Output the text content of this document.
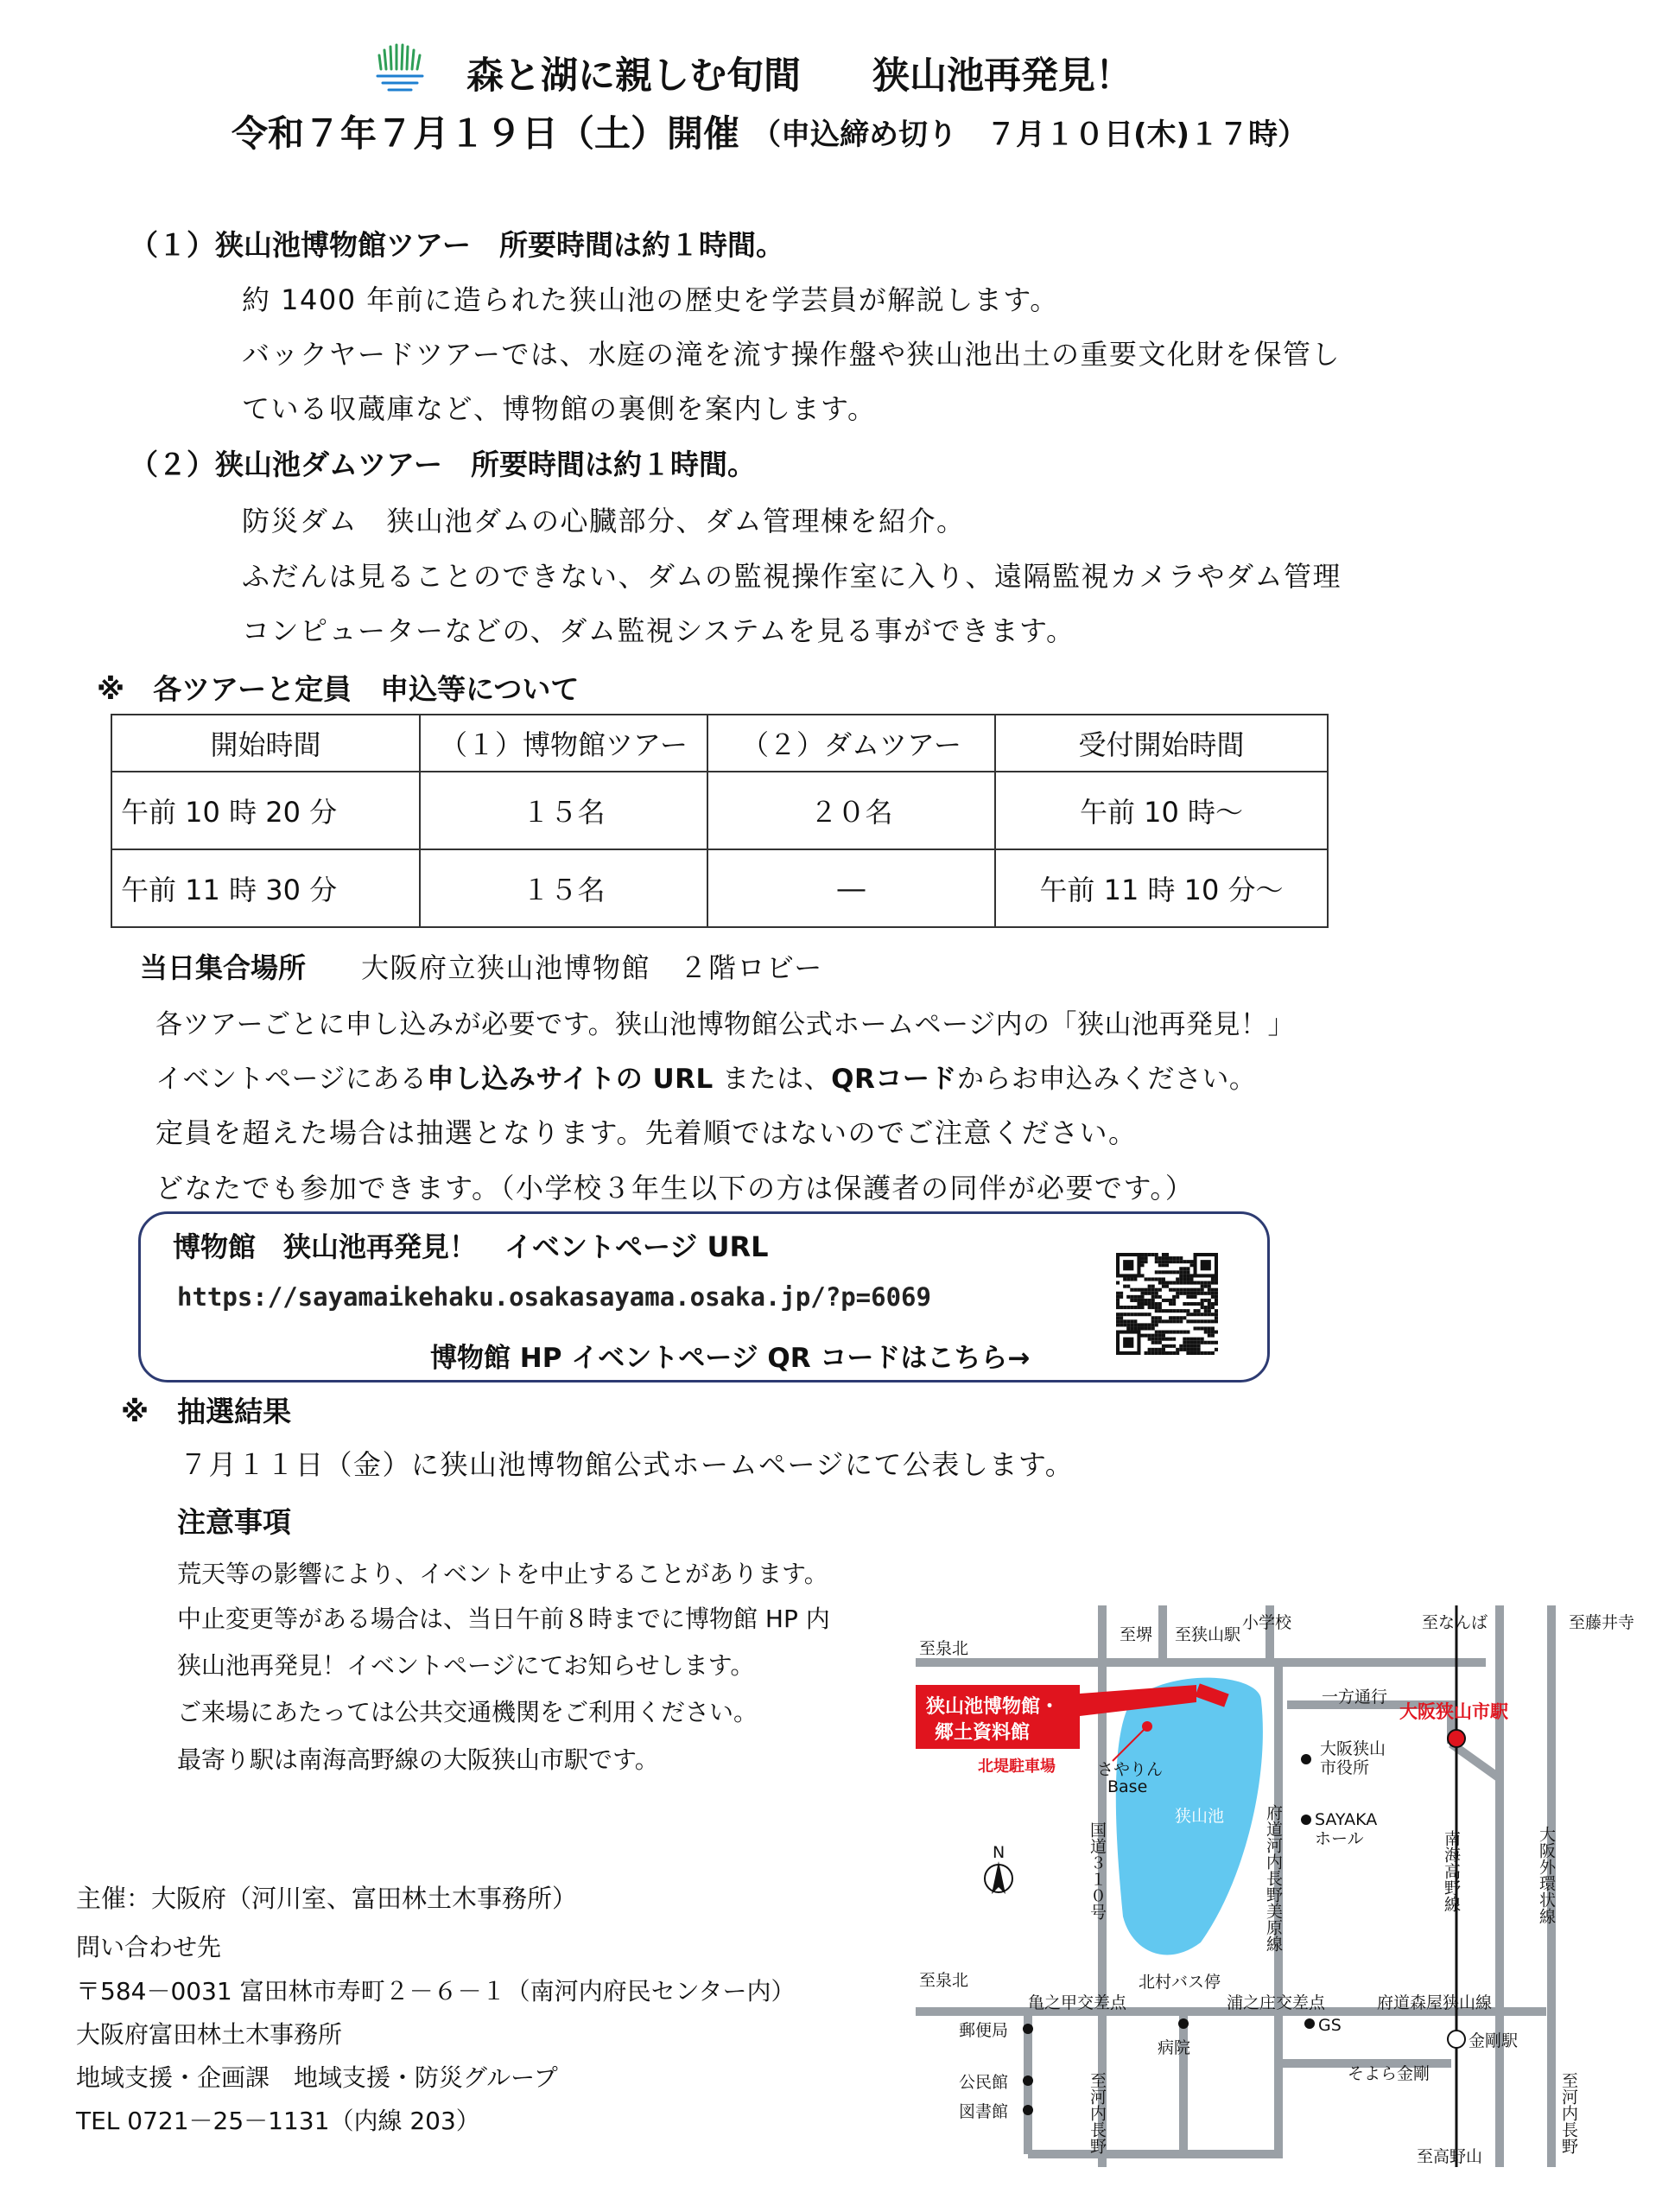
森と湖に親しむ旬間 狭山池再発見！
令和７年７月１９日（土）開催 （申込締め切り　７月１０日(木)１７時）
（１）狭山池博物館ツアー　所要時間は約１時間。
約 1400 年前に造られた狭山池の歴史を学芸員が解説します。
バックヤードツアーでは、水庭の滝を流す操作盤や狭山池出土の重要文化財を保管し
ている収蔵庫など、博物館の裏側を案内します。
（２）狭山池ダムツアー　所要時間は約１時間。
防災ダム　狭山池ダムの心臓部分、ダム管理棟を紹介。
ふだんは見ることのできない、ダムの監視操作室に入り、遠隔監視カメラやダム管理
コンピューターなどの、ダム監視システムを見る事ができます。
※　各ツアーと定員　申込等について
開始時間	（１）博物館ツアー	（２）ダムツアー	受付開始時間
午前 10 時 20 分	１５名	２０名	午前 10 時～
午前 11 時 30 分	１５名	―	午前 11 時 10 分～
当日集合場所 大阪府立狭山池博物館　２階ロビー
各ツアーごとに申し込みが必要です。狭山池博物館公式ホームページ内の「狭山池再発見！」
イベントページにある申し込みサイトの URL または、QRコードからお申込みください。
定員を超えた場合は抽選となります。先着順ではないのでご注意ください。
どなたでも参加できます。（小学校３年生以下の方は保護者の同伴が必要です。）
博物館　狭山池再発見！　イベントページ URL
https://sayamaikehaku.osakasayama.osaka.jp/?p=6069
博物館 HP イベントページ QR コードはこちら→
※　抽選結果
７月１１日（金）に狭山池博物館公式ホームページにて公表します。
注意事項
荒天等の影響により、イベントを中止することがあります。
中止変更等がある場合は、当日午前８時までに博物館 HP 内
狭山池再発見！イベントページにてお知らせします。
ご来場にあたっては公共交通機関をご利用ください。
最寄り駅は南海高野線の大阪狭山市駅です。
主催：大阪府（河川室、富田林土木事務所）
問い合わせ先
〒584－0031 富田林市寿町２－６－１（南河内府民センター内）
大阪府富田林土木事務所
地域支援・企画課　地域支援・防災グループ
TEL 0721－25－1131（内線 203）
狭山池博物館・
郷土資料館
N
至堺 至狭山駅
小学校	至なんば	至藤井寺
至泉北
一方通行
大阪狭山市駅
北堤駐車場	さやりん
Base
大阪狭山
市役所
SAYAKA
ホール
狭山池
国道３１０号	府道河内長野美原線	南海高野線	大阪外環状線
北村バス停
至泉北
亀之甲交差点	浦之庄交差点	府道森屋狭山線
郵便局
病院
GS
金剛駅
公民館
図書館
そよら金剛
至河内長野
至高野山
至河内長野
